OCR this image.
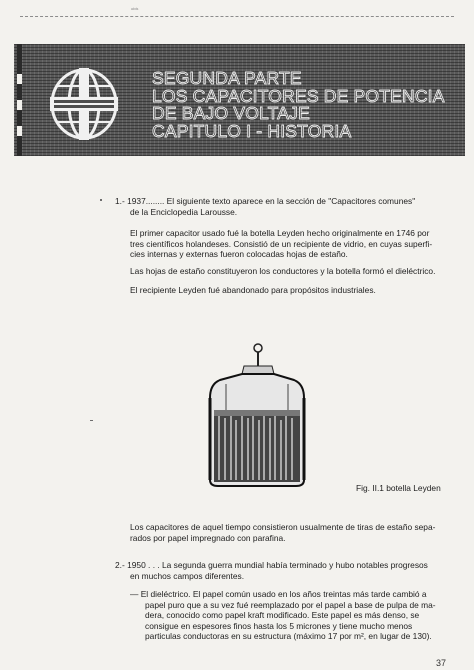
ᵃᵇᵈˢ
SEGUNDA PARTE
LOS CAPACITORES DE POTENCIA
DE BAJO VOLTAJE
CAPITULO I - HISTORIA
1.- 1937........ El siguiente texto aparece en la sección de "Capacitores comunes"
de la Enciclopedia Larousse.
El primer capacitor usado fué la botella Leyden hecho originalmente en 1746 por
tres científicos holandeses. Consistió de un recipiente de vidrio, en cuyas superfi-
cies internas y externas fueron colocadas hojas de estaño.
Las hojas de estaño constituyeron los conductores y la botella formó el dieléctrico.
El recipiente Leyden fué abandonado para propósitos industriales.
Fig. II.1 botella Leyden
Los capacitores de aquel tiempo consistieron usualmente de tiras de estaño sepa-
rados por papel impregnado con parafina.
2.- 1950 . . . La segunda guerra mundial había terminado y hubo notables progresos
en muchos campos diferentes.
— El dieléctrico. El papel común usado en los años treintas más tarde cambió a
papel puro que a su vez fué reemplazado por el papel a base de pulpa de ma-
dera, conocido como papel kraft modificado. Este papel es más denso, se
consigue en espesores finos hasta los 5 micrones y tiene mucho menos
particulas conductoras en su estructura (máximo 17 por m², en lugar de 130).
37
